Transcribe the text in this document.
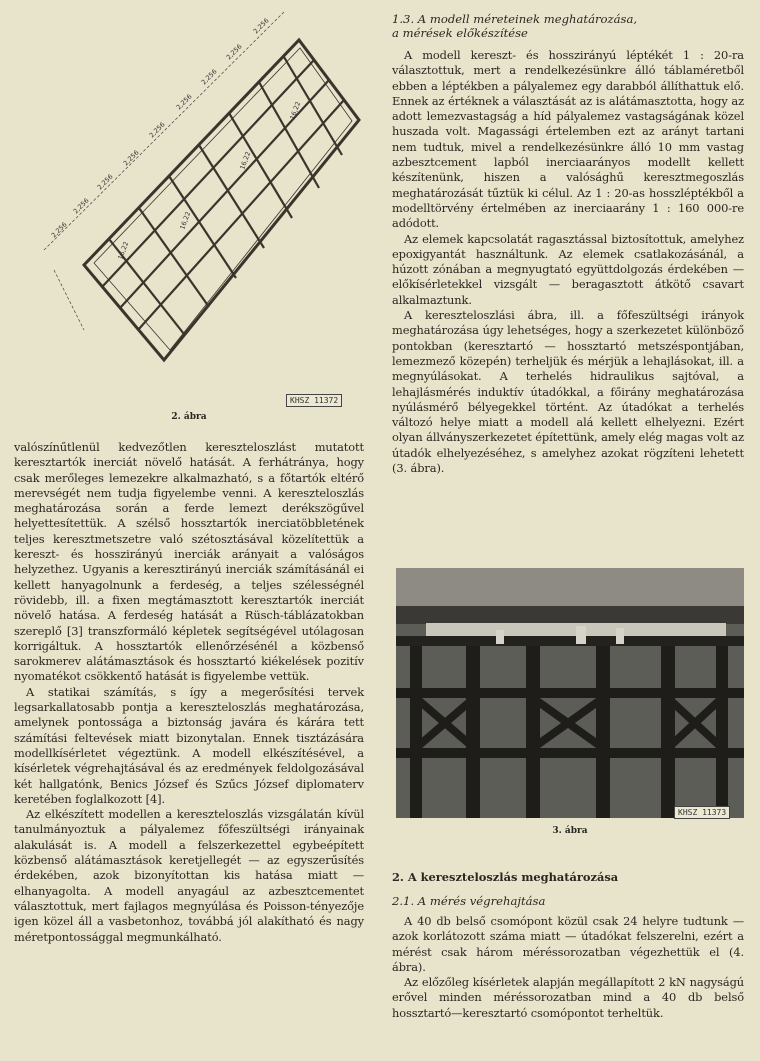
2,256
2,256
2,256
2,256
2,256
2,256
2,256
2,256
2,256
16,22
16,22
16,22
16,22
2. ábra
KHSZ 11372

valószínűtlenül kedvezőtlen kereszteloszlást mutatott keresztartók inerciát növelő hatását. A ferhátránya, hogy csak merőleges lemezekre alkalmazható, s a főtartók eltérő merevségét nem tudja figyelembe venni. A kereszteloszlás meghatározása során a ferde lemezt derékszögűvel helyettesítettük. A szélső hossztartók inerciatöbbletének teljes keresztmetszetre való szétosztásával közelítettük a kereszt- és hosszirányú inerciák arányait a valóságos helyzethez. Ugyanis a keresztirányú inerciák számításánál ei kellett hanyagolnunk a ferdeség, a teljes szélességnél rövidebb, ill. a fixen megtámasztott keresztartók inerciát növelő hatása. A ferdeség hatását a Rüsch-táblázatokban szereplő [3] transzformáló képletek segítségével utólagosan korrigáltuk. A hossztartók ellenőrzésénél a közbenső sarokmerev alátámasztások és hossztartó kiékelések pozitív nyomatékot csökkentő hatását is figyelembe vettük.

A statikai számítás, s így a megerősítési tervek legsarkallatosabb pontja a kereszteloszlás meghatározása, amelynek pontossága a biztonság javára és kárára tett számítási feltevések miatt bizonytalan. Ennek tisztázására modellkísérletet végeztünk. A modell elkészítésével, a kísérletek végrehajtásával és az eredmények feldolgozásával két hallgatónk, Benics József és Szűcs József diplomaterv keretében foglalkozott [4].

Az elkészített modellen a kereszteloszlás vizsgálatán kívül tanulmányoztuk a pályalemez főfeszültségi irányainak alakulását is. A modell a felszerkezettel egybeépített közbenső alátámasztások keretjellegét — az egyszerűsítés érdekében, azok bizonyítottan kis hatása miatt — elhanyagolta. A modell anyagául az azbesztcementet választottuk, mert fajlagos megnyúlása és Poisson-tényezője igen közel áll a vasbetonhoz, továbbá jól alakítható és nagy méretpontossággal megmunkálható.

1.3. A modell méreteinek meghatározása,
a mérések előkészítése

A modell kereszt- és hosszirányú léptékét 1 : 20-ra választottuk, mert a rendelkezésünkre álló táblaméretből ebben a léptékben a pályalemez egy darabból állíthattuk elő. Ennek az értéknek a választását az is alátámasztotta, hogy az adott lemezvastagság a híd pályalemez vastagságának közel huszada volt. Magassági értelemben ezt az arányt tartani nem tudtuk, mivel a rendelkezésünkre álló 10 mm vastag azbesztcement lapból inerciaarányos modellt kellett készítenünk, hiszen a valósághű keresztmegoszlás meghatározását tűztük ki célul. Az 1 : 20-as hosszléptékből a modelltörvény értelmében az inerciaarány 1 : 160 000-re adódott.

Az elemek kapcsolatát ragasztással biztosítottuk, amelyhez epoxigyantát használtunk. Az elemek csatlakozásánál, a húzott zónában a megnyugtató együttdolgozás érdekében — előkísérletekkel vizsgált — beragasztott átkötő csavart alkalmaztunk.

A kereszteloszlási ábra, ill. a főfeszültségi irányok meghatározása úgy lehetséges, hogy a szerkezetet különböző pontokban (keresztartó — hossztartó metszéspontjában, lemezmező közepén) terheljük és mérjük a lehajlásokat, ill. a megnyúlásokat. A terhelés hidraulikus sajtóval, a lehajlásmérés induktív útadókkal, a főirány meghatározása nyúlásmérő bélyegekkel történt. Az útadókat a terhelés változó helye miatt a modell alá kellett elhelyezni. Ezért olyan állványszerkezetet építettünk, amely elég magas volt az útadók elhelyezéséhez, s amelyhez azokat rögzíteni lehetett (3. ábra).

3. ábra
KHSZ 11373
2. A kereszteloszlás meghatározása
2.1. A mérés végrehajtása

A 40 db belső csomópont közül csak 24 helyre tudtunk — azok korlátozott száma miatt — útadókat felszerelni, ezért a mérést csak három méréssorozatban végezhettük el (4. ábra).

Az előzőleg kísérletek alapján megállapított 2 kN nagyságú erővel minden méréssorozatban mind a 40 db belső hossztartó—keresztartó csomópontot terheltük.
